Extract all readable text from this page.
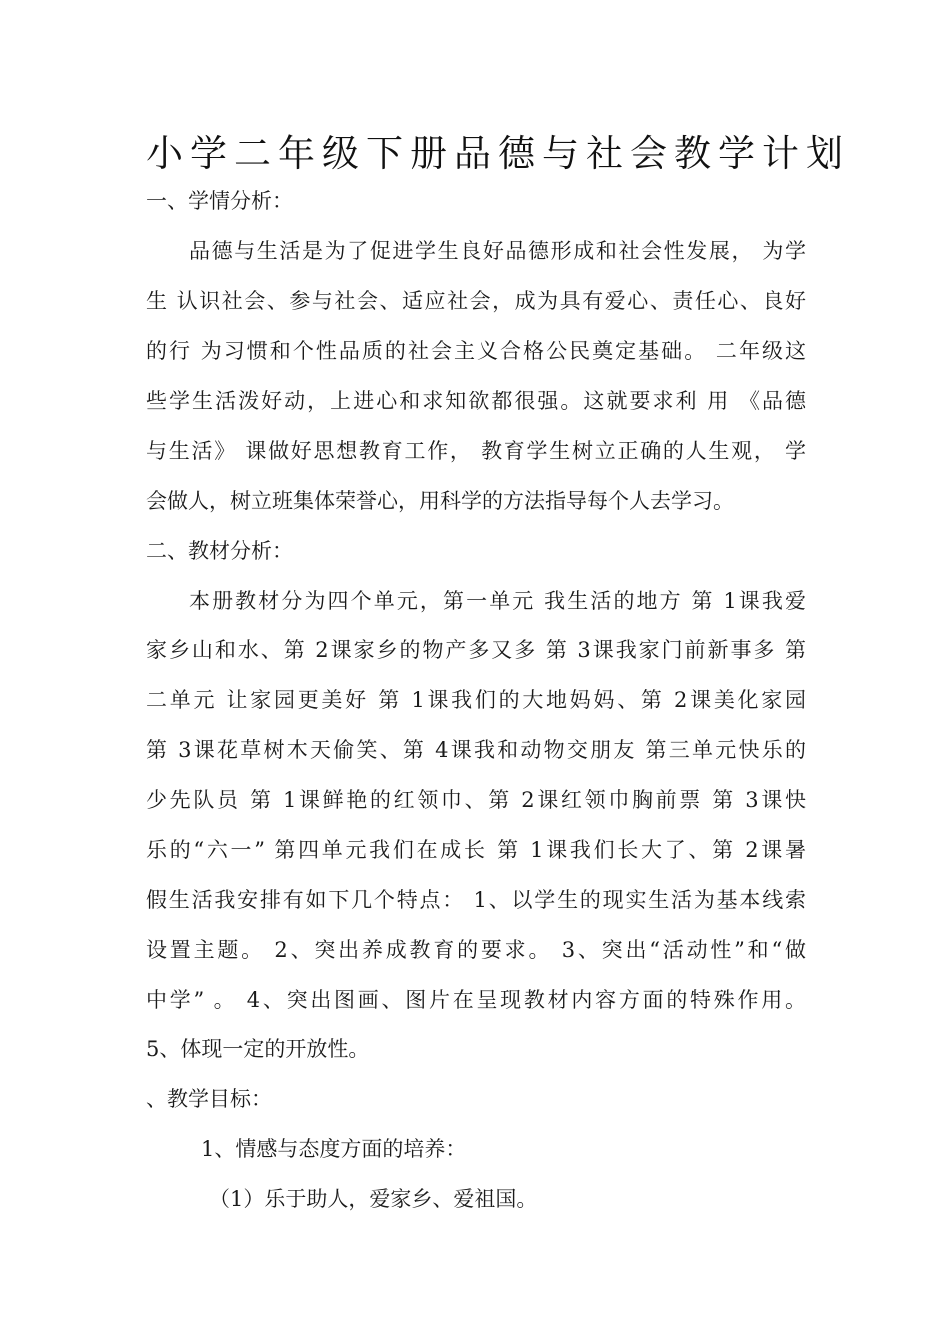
小学二年级下册品德与社会教学计划
一、学情分析：
品德与生活是为了促进学生良好品德形成和社会性发展， 为学
生 认识社会、参与社会、适应社会，成为具有爱心、责任心、良好
的行 为习惯和个性品质的社会主义合格公民奠定基础。 二年级这
些学生活泼好动，上进心和求知欲都很强。这就要求利 用 《品德
与生活》 课做好思想教育工作， 教育学生树立正确的人生观， 学
会做人，树立班集体荣誉心，用科学的方法指导每个人去学习。
二、教材分析：
本册教材分为四个单元，第一单元 我生活的地方 第 1课我爱
家乡山和水、第 2课家乡的物产多又多 第 3课我家门前新事多 第
二单元 让家园更美好 第 1课我们的大地妈妈、第 2课美化家园
第 3课花草树木天偷笑、第 4课我和动物交朋友 第三单元快乐的
少先队员 第 1课鲜艳的红领巾、第 2课红领巾胸前票 第 3课快
乐的“六一” 第四单元我们在成长 第 1课我们长大了、第 2课暑
假生活我安排有如下几个特点： 1、以学生的现实生活为基本线索
设置主题。 2、突出养成教育的要求。 3、突出“活动性”和“做
中学” 。 4、突出图画、图片在呈现教材内容方面的特殊作用。
5、体现一定的开放性。
、教学目标：
1、情感与态度方面的培养：
（1）乐于助人，爱家乡、爱祖国。
